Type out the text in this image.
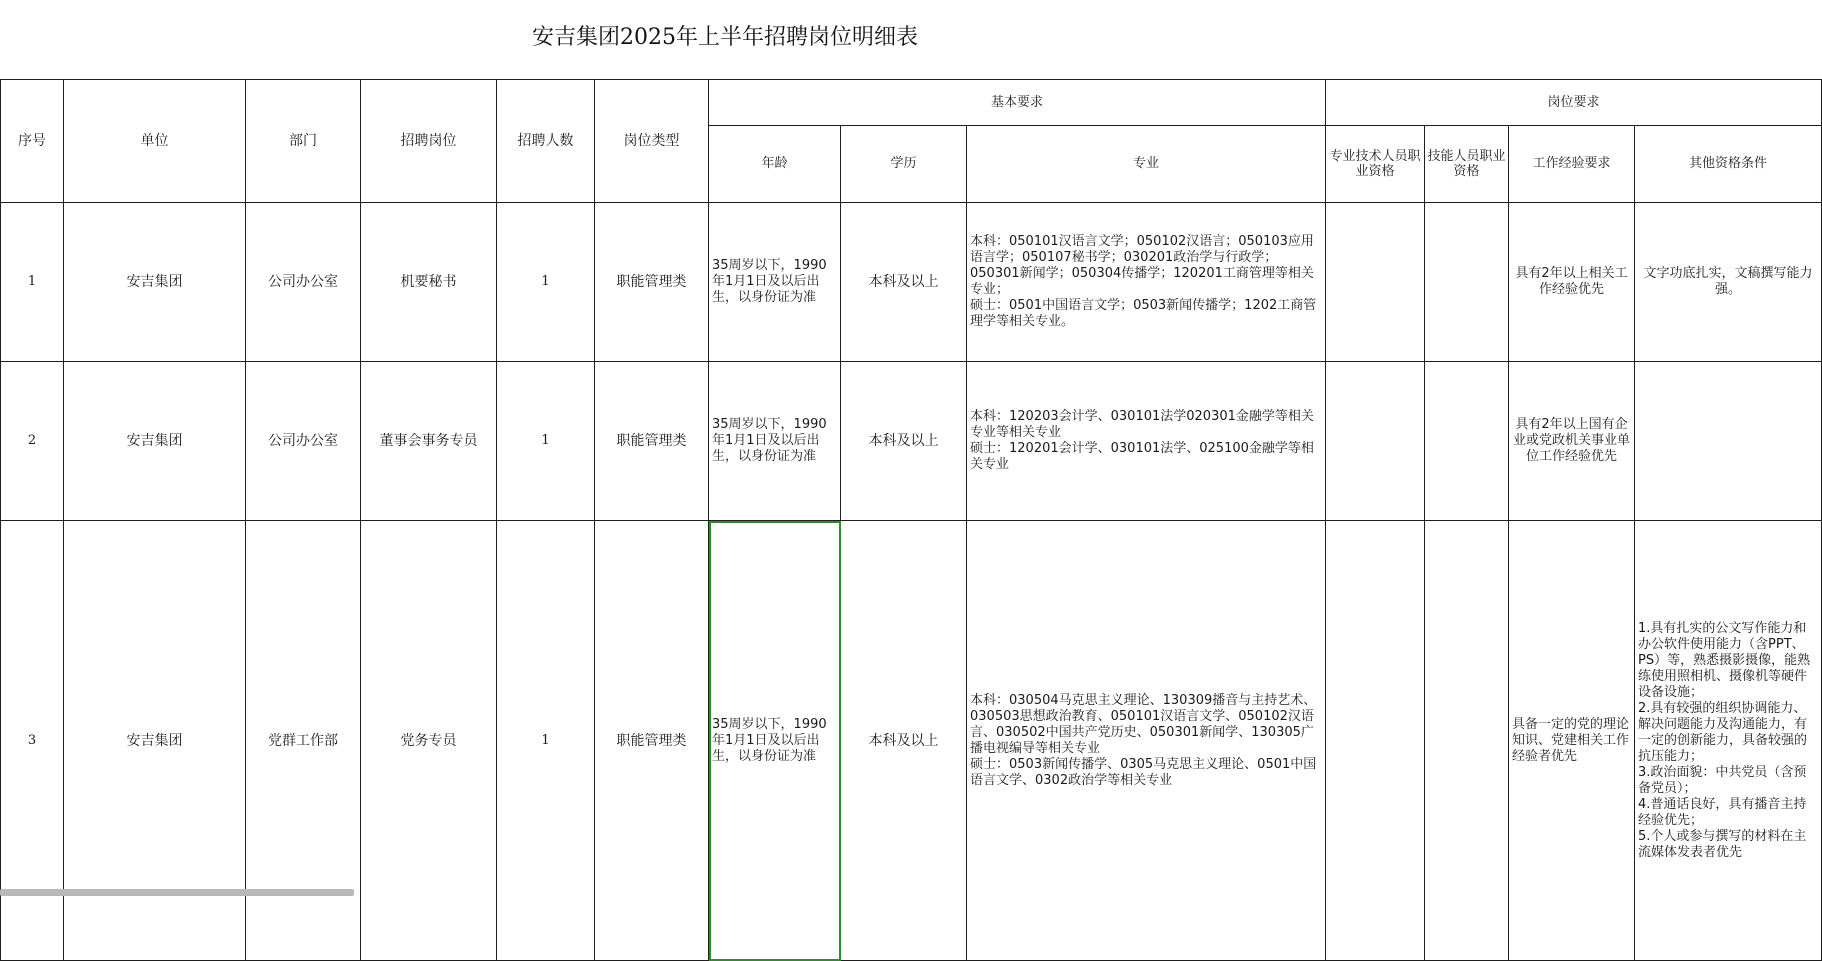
安吉集团2025年上半年招聘岗位明细表
序号	单位	部门	招聘岗位	招聘人数	岗位类型	基本要求			岗位要求			
						年龄	学历	专业	专业技术人员职业资格	技能人员职业资格	工作经验要求	其他资格条件
1	安吉集团	公司办公室	机要秘书	1	职能管理类	35周岁以下，1990年1月1日及以后出生，以身份证为准	本科及以上	本科：050101汉语言文学；050102汉语言；050103应用语言学；050107秘书学；030201政治学与行政学；050301新闻学；050304传播学；120201工商管理等相关专业；
硕士：0501中国语言文学；0503新闻传播学；1202工商管理学等相关专业。			具有2年以上相关工作经验优先	文字功底扎实，文稿撰写能力强。
2	安吉集团	公司办公室	董事会事务专员	1	职能管理类	35周岁以下，1990年1月1日及以后出生，以身份证为准	本科及以上	本科：120203会计学、030101法学020301金融学等相关专业等相关专业
硕士：120201会计学、030101法学、025100金融学等相关专业			具有2年以上国有企业或党政机关事业单位工作经验优先	
3	安吉集团	党群工作部	党务专员	1	职能管理类	35周岁以下，1990年1月1日及以后出生，以身份证为准	本科及以上	本科：030504马克思主义理论、130309播音与主持艺术、030503思想政治教育、050101汉语言文学、050102汉语言、030502中国共产党历史、050301新闻学、130305广播电视编导等相关专业
硕士：0503新闻传播学、0305马克思主义理论、0501中国语言文学、0302政治学等相关专业			具备一定的党的理论知识、党建相关工作经验者优先	1.具有扎实的公文写作能力和办公软件使用能力（含PPT、PS）等，熟悉摄影摄像，能熟练使用照相机、摄像机等硬件设备设施；
2.具有较强的组织协调能力、解决问题能力及沟通能力，有一定的创新能力，具备较强的抗压能力；
3.政治面貌：中共党员（含预备党员）；
4.普通话良好，具有播音主持经验优先；
5.个人或参与撰写的材料在主流媒体发表者优先
